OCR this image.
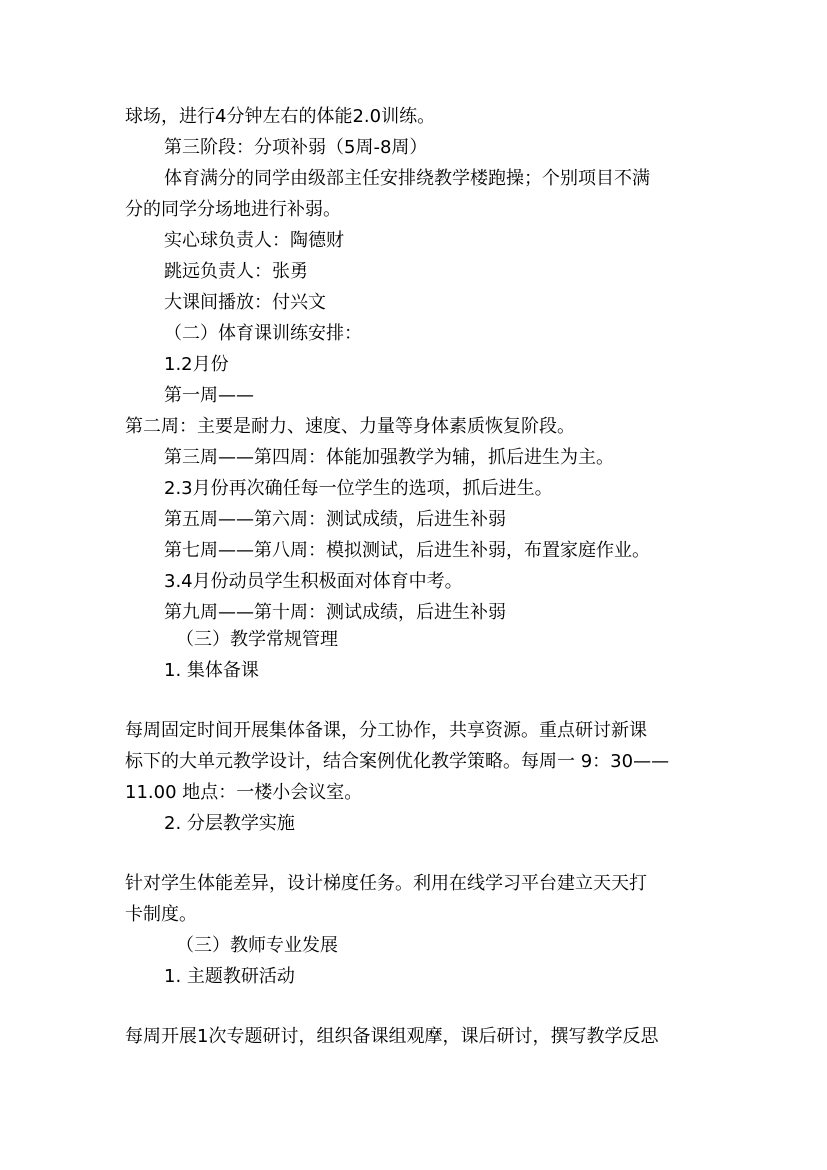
球场，进行4分钟左右的体能2.0训练。
第三阶段：分项补弱（5周-8周）
体育满分的同学由级部主任安排绕教学楼跑操；个别项目不满
分的同学分场地进行补弱。
实心球负责人：陶德财
跳远负责人：张勇
大课间播放：付兴文
（二）体育课训练安排：
1.2月份
第一周——
第二周：主要是耐力、速度、力量等身体素质恢复阶段。
第三周——第四周：体能加强教学为辅，抓后进生为主。
2.3月份再次确任每一位学生的选项，抓后进生。
第五周——第六周：测试成绩，后进生补弱
第七周——第八周：模拟测试，后进生补弱，布置家庭作业。
3.4月份动员学生积极面对体育中考。
第九周——第十周：测试成绩，后进生补弱
（三）教学常规管理
1. 集体备课
每周固定时间开展集体备课，分工协作，共享资源。重点研讨新课
标下的大单元教学设计，结合案例优化教学策略。每周一 9：30——
11.00 地点：一楼小会议室。
2. 分层教学实施
针对学生体能差异，设计梯度任务。利用在线学习平台建立天天打
卡制度。
（三）教师专业发展
1. 主题教研活动
每周开展1次专题研讨，组织备课组观摩，课后研讨，撰写教学反思
